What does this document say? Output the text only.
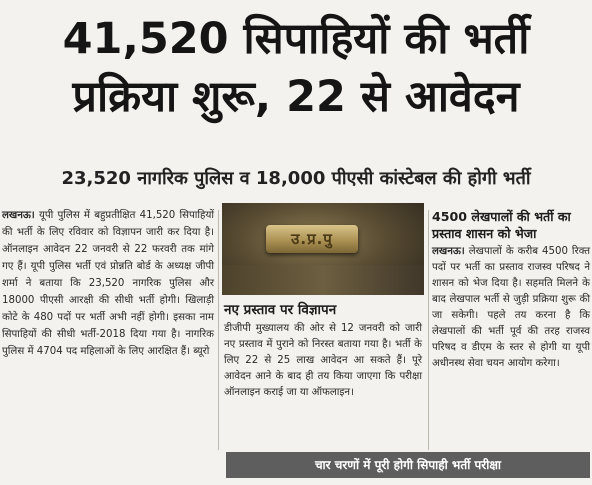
41,520 सिपाहियों की भर्ती
प्रक्रिया शुरू, 22 से आवेदन
23,520 नागरिक पुलिस व 18,000 पीएसी कांस्टेबल की होगी भर्ती
लखनऊ। यूपी पुलिस में बहुप्रतीक्षित 41,520 सिपाहियों की भर्ती के लिए रविवार को विज्ञापन जारी कर दिया है। ऑनलाइन आवेदन 22 जनवरी से 22 फरवरी तक मांगे गए हैं। यूपी पुलिस भर्ती एवं प्रोन्नति बोर्ड के अध्यक्ष जीपी शर्मा ने बताया कि 23,520 नागरिक पुलिस और 18000 पीएसी आरक्षी की सीधी भर्ती होगी। खिलाड़ी कोटे के 480 पदों पर भर्ती अभी नहीं होगी। इसका नाम सिपाहियों की सीधी भर्ती-2018 दिया गया है। नागरिक पुलिस में 4704 पद महिलाओं के लिए आरक्षित हैं। ब्यूरो
उ.प्र.पु
नए प्रस्ताव पर विज्ञापन
डीजीपी मुख्यालय की ओर से 12 जनवरी को जारी नए प्रस्ताव में पुराने को निरस्त बताया गया है। भर्ती के लिए 22 से 25 लाख आवेदन आ सकते हैं। पूरे आवेदन आने के बाद ही तय किया जाएगा कि परीक्षा ऑनलाइन कराई जा या ऑफलाइन।
4500 लेखपालों की भर्ती का प्रस्ताव शासन को भेजा
लखनऊ। लेखपालों के करीब 4500 रिक्त पदों पर भर्ती का प्रस्ताव राजस्व परिषद ने शासन को भेज दिया है। सहमति मिलने के बाद लेखपाल भर्ती से जुड़ी प्रक्रिया शुरू की जा सकेगी। पहले तय करना है कि लेखपालों की भर्ती पूर्व की तरह राजस्व परिषद व डीएम के स्तर से होगी या यूपी अधीनस्थ सेवा चयन आयोग करेगा।
चार चरणों में पूरी होगी सिपाही भर्ती परीक्षा
